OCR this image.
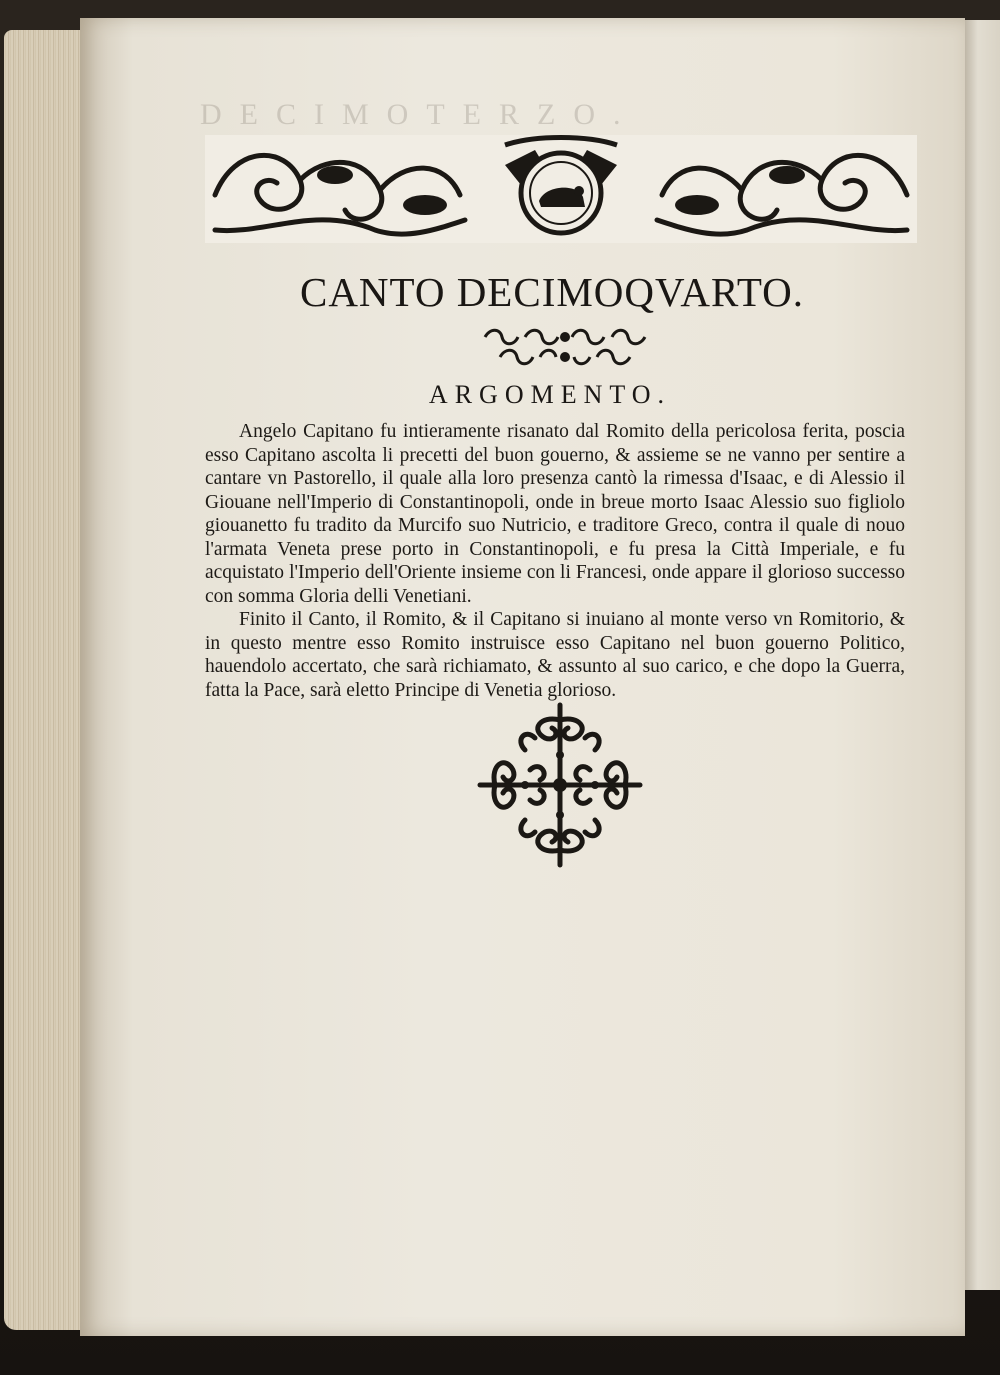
DECIMOTERZO.
CANTO DECIMOQVARTO.
ARGOMENTO.

Angelo Capitano fu intieramente risanato dal Romito della pericolosa ferita, poscia esso Capitano ascolta li precetti del buon gouerno, & assieme se ne vanno per sentire a cantare vn Pastorello, il quale alla loro presenza cantò la rimessa d'Isaac, e di Alessio il Giouane nell'Imperio di Constantinopoli, onde in breue morto Isaac Alessio suo figliolo giouanetto fu tradito da Murcifo suo Nutricio, e traditore Greco, contra il quale di nouo l'armata Veneta prese porto in Constantinopoli, e fu presa la Città Imperiale, e fu acquistato l'Imperio dell'Oriente insieme con li Francesi, onde appare il glorioso successo con somma Gloria delli Venetiani.

Finito il Canto, il Romito, & il Capitano si inuiano al monte verso vn Romitorio, & in questo mentre esso Romito instruisce esso Capitano nel buon gouerno Politico, hauendolo accertato, che sarà richiamato, & assunto al suo carico, e che dopo la Guerra, fatta la Pace, sarà eletto Principe di Venetia glorioso.
